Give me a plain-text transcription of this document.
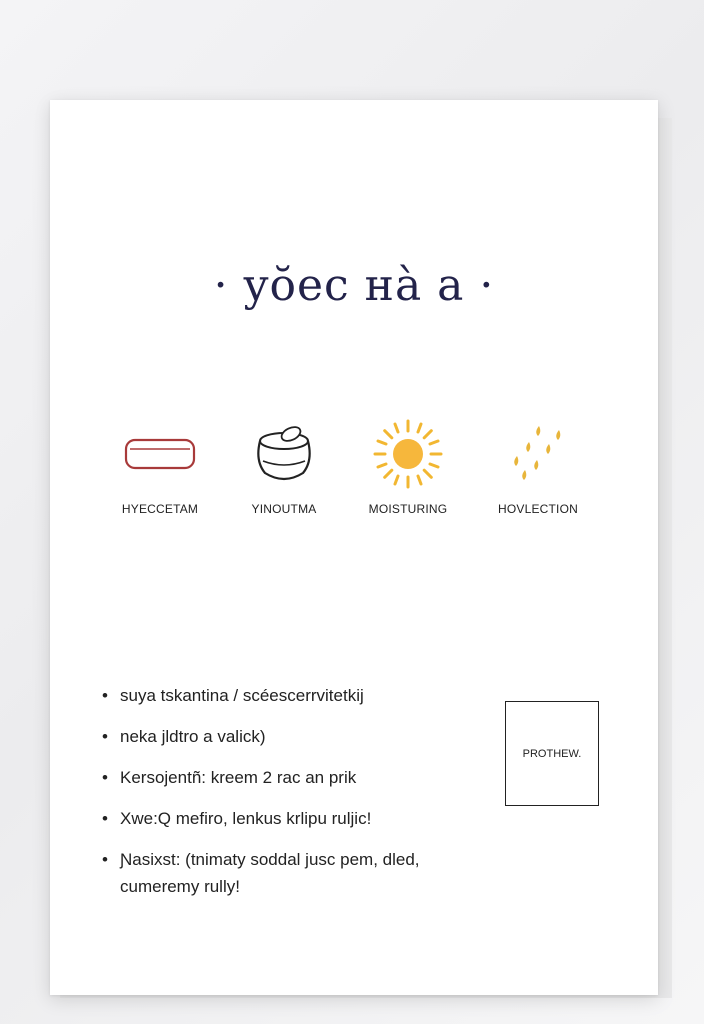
· yŏec нà a ·
HYECCETAM	YINOUTMA	MOISTURING	HOVLECTION
• suya tskantina / scéescerrvitetkij
• neka jldtro a valick)
• Kersojentñ: kreem 2 rac an prik
• Xwe:Q mefiro, lenkus krlipu ruljic!
• Ɲasixst: (tnimaty soddal jusc pem, dled, cumeremy rully!
PROTHEW.
